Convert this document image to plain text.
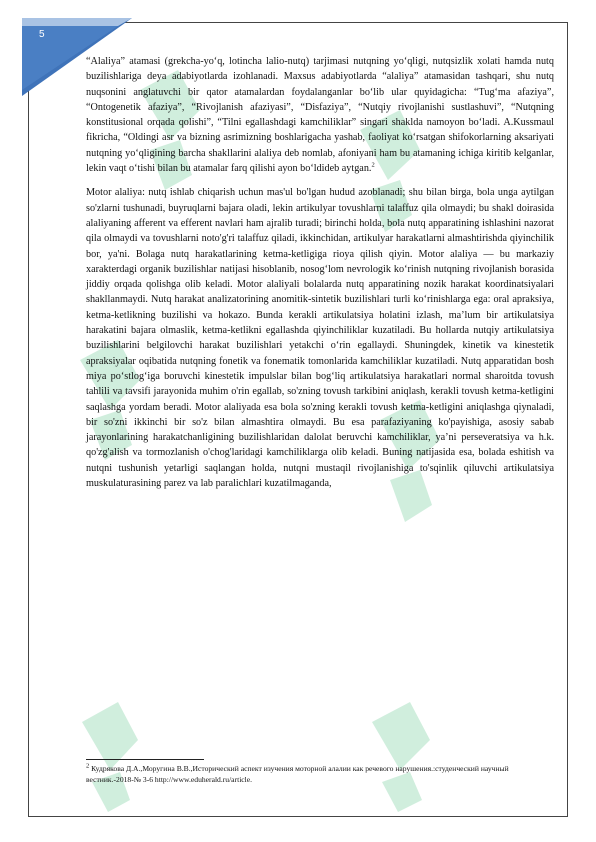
5

“Alaliya” atamasi (grekcha-yo‘q, lotincha lalio-nutq) tarjimasi nutqning yo‘qligi, nutqsizlik xolati hamda nutq buzilishlariga deya adabiyotlarda izohlanadi. Maxsus adabiyotlarda “alaliya” atamasidan tashqari, shu nutq nuqsonini anglatuvchi bir qator atamalardan foydalanganlar bo‘lib ular quyidagicha: “Tug‘ma afaziya”, “Ontogenetik afaziya”, “Rivojlanish afaziyasi”, “Disfaziya”, “Nutqiy rivojlanishi sustlashuvi”, “Nutqning konstitusional orqada qolishi”, “Tilni egallashdagi kamchiliklar” singari shaklda namoyon bo‘ladi. A.Kussmaul fikricha, “Oldingi asr va bizning asrimizning boshlarigacha yashab, faoliyat ko‘rsatgan shifokorlarning aksariyati nutqning yo‘qligining barcha shakllarini alaliya deb nomlab, afoniyani ham bu atamaning ichiga kiritib kelganlar, lekin vaqt o‘tishi bilan bu atamalar farq qilishi ayon bo‘ldideb aytgan.$^2$

Motor alaliya: nutq ishlab chiqarish uchun mas'ul bo'lgan hudud azoblanadi; shu bilan birga, bola unga aytilgan so'zlarni tushunadi, buyruqlarni bajara oladi, lekin artikulyar tovushlarni talaffuz qila olmaydi; bu shakl doirasida alaliyaning afferent va efferent navlari ham ajralib turadi; birinchi holda, bola nutq apparatining ishlashini nazorat qila olmaydi va tovushlarni noto'g'ri talaffuz qiladi, ikkinchidan, artikulyar harakatlarni almashtirishda qiyinchilik bor, ya'ni. Bolaga nutq harakatlarining ketma-ketligiga rioya qilish qiyin. Motor alaliya — bu markaziy xarakterdagi organik buzilishlar natijasi hisoblanib, nosog‘lom nevrologik ko‘rinish nutqning rivojlanish borasida jiddiy orqada qolishga olib keladi. Motor alaliyali bolalarda nutq apparatining nozik harakat koordinatsiyalari shakllanmaydi. Nutq harakat analizatorining anomitik-sintetik buzilishlari turli ko‘rinishlarga ega: oral apraksiya, ketma-ketlikning buzilishi va hokazo. Bunda kerakli artikulatsiya holatini izlash, ma’lum bir artikulatsiya harakatini bajara olmaslik, ketma-ketlikni egallashda qiyinchiliklar kuzatiladi. Bu hollarda nutqiy artikulatsiya buzilishlarini belgilovchi harakat buzilishlari yetakchi o‘rin egallaydi. Shuningdek, kinetik va kinestetik apraksiyalar oqibatida nutqning fonetik va fonematik tomonlarida kamchiliklar kuzatiladi. Nutq apparatidan bosh miya po‘stlog‘iga boruvchi kinestetik impulslar bilan bog‘liq artikulatsiya harakatlari normal sharoitda tovush tahlili va tavsifi jarayonida muhim o'rin egallab, so'zning tovush tarkibini aniqlash, kerakli tovush ketma-ketligini saqlashga yordam beradi. Motor alaliyada esa bola so'zning kerakli tovush ketma-ketligini aniqlashga qiynaladi, bir so'zni ikkinchi bir so'z bilan almashtira olmaydi. Bu esa parafaziyaning ko'payishiga, asosiy sabab jarayonlarining harakatchanligining buzilishlaridan dalolat beruvchi kamchiliklar, ya’ni perseveratsiya va h.k. qo'zg'alish va tormozlanish o'chog'laridagi kamchiliklarga olib keladi. Buning natijasida esa, bolada eshitish va nutqni tushunish yetarligi saqlangan holda, nutqni mustaqil rivojlanishiga to'sqinlik qiluvchi artikulatsiya muskulaturasining parez va lab paralichlari kuzatilmaganda,

$^2$ Кудрякова Д.А.,Моругина В.В.,Исторический аспект изучения моторной алалии как речевого нарушения.:студенческий научный вестник.-2018-№ 3-6 http://www.eduherald.ru/article.
